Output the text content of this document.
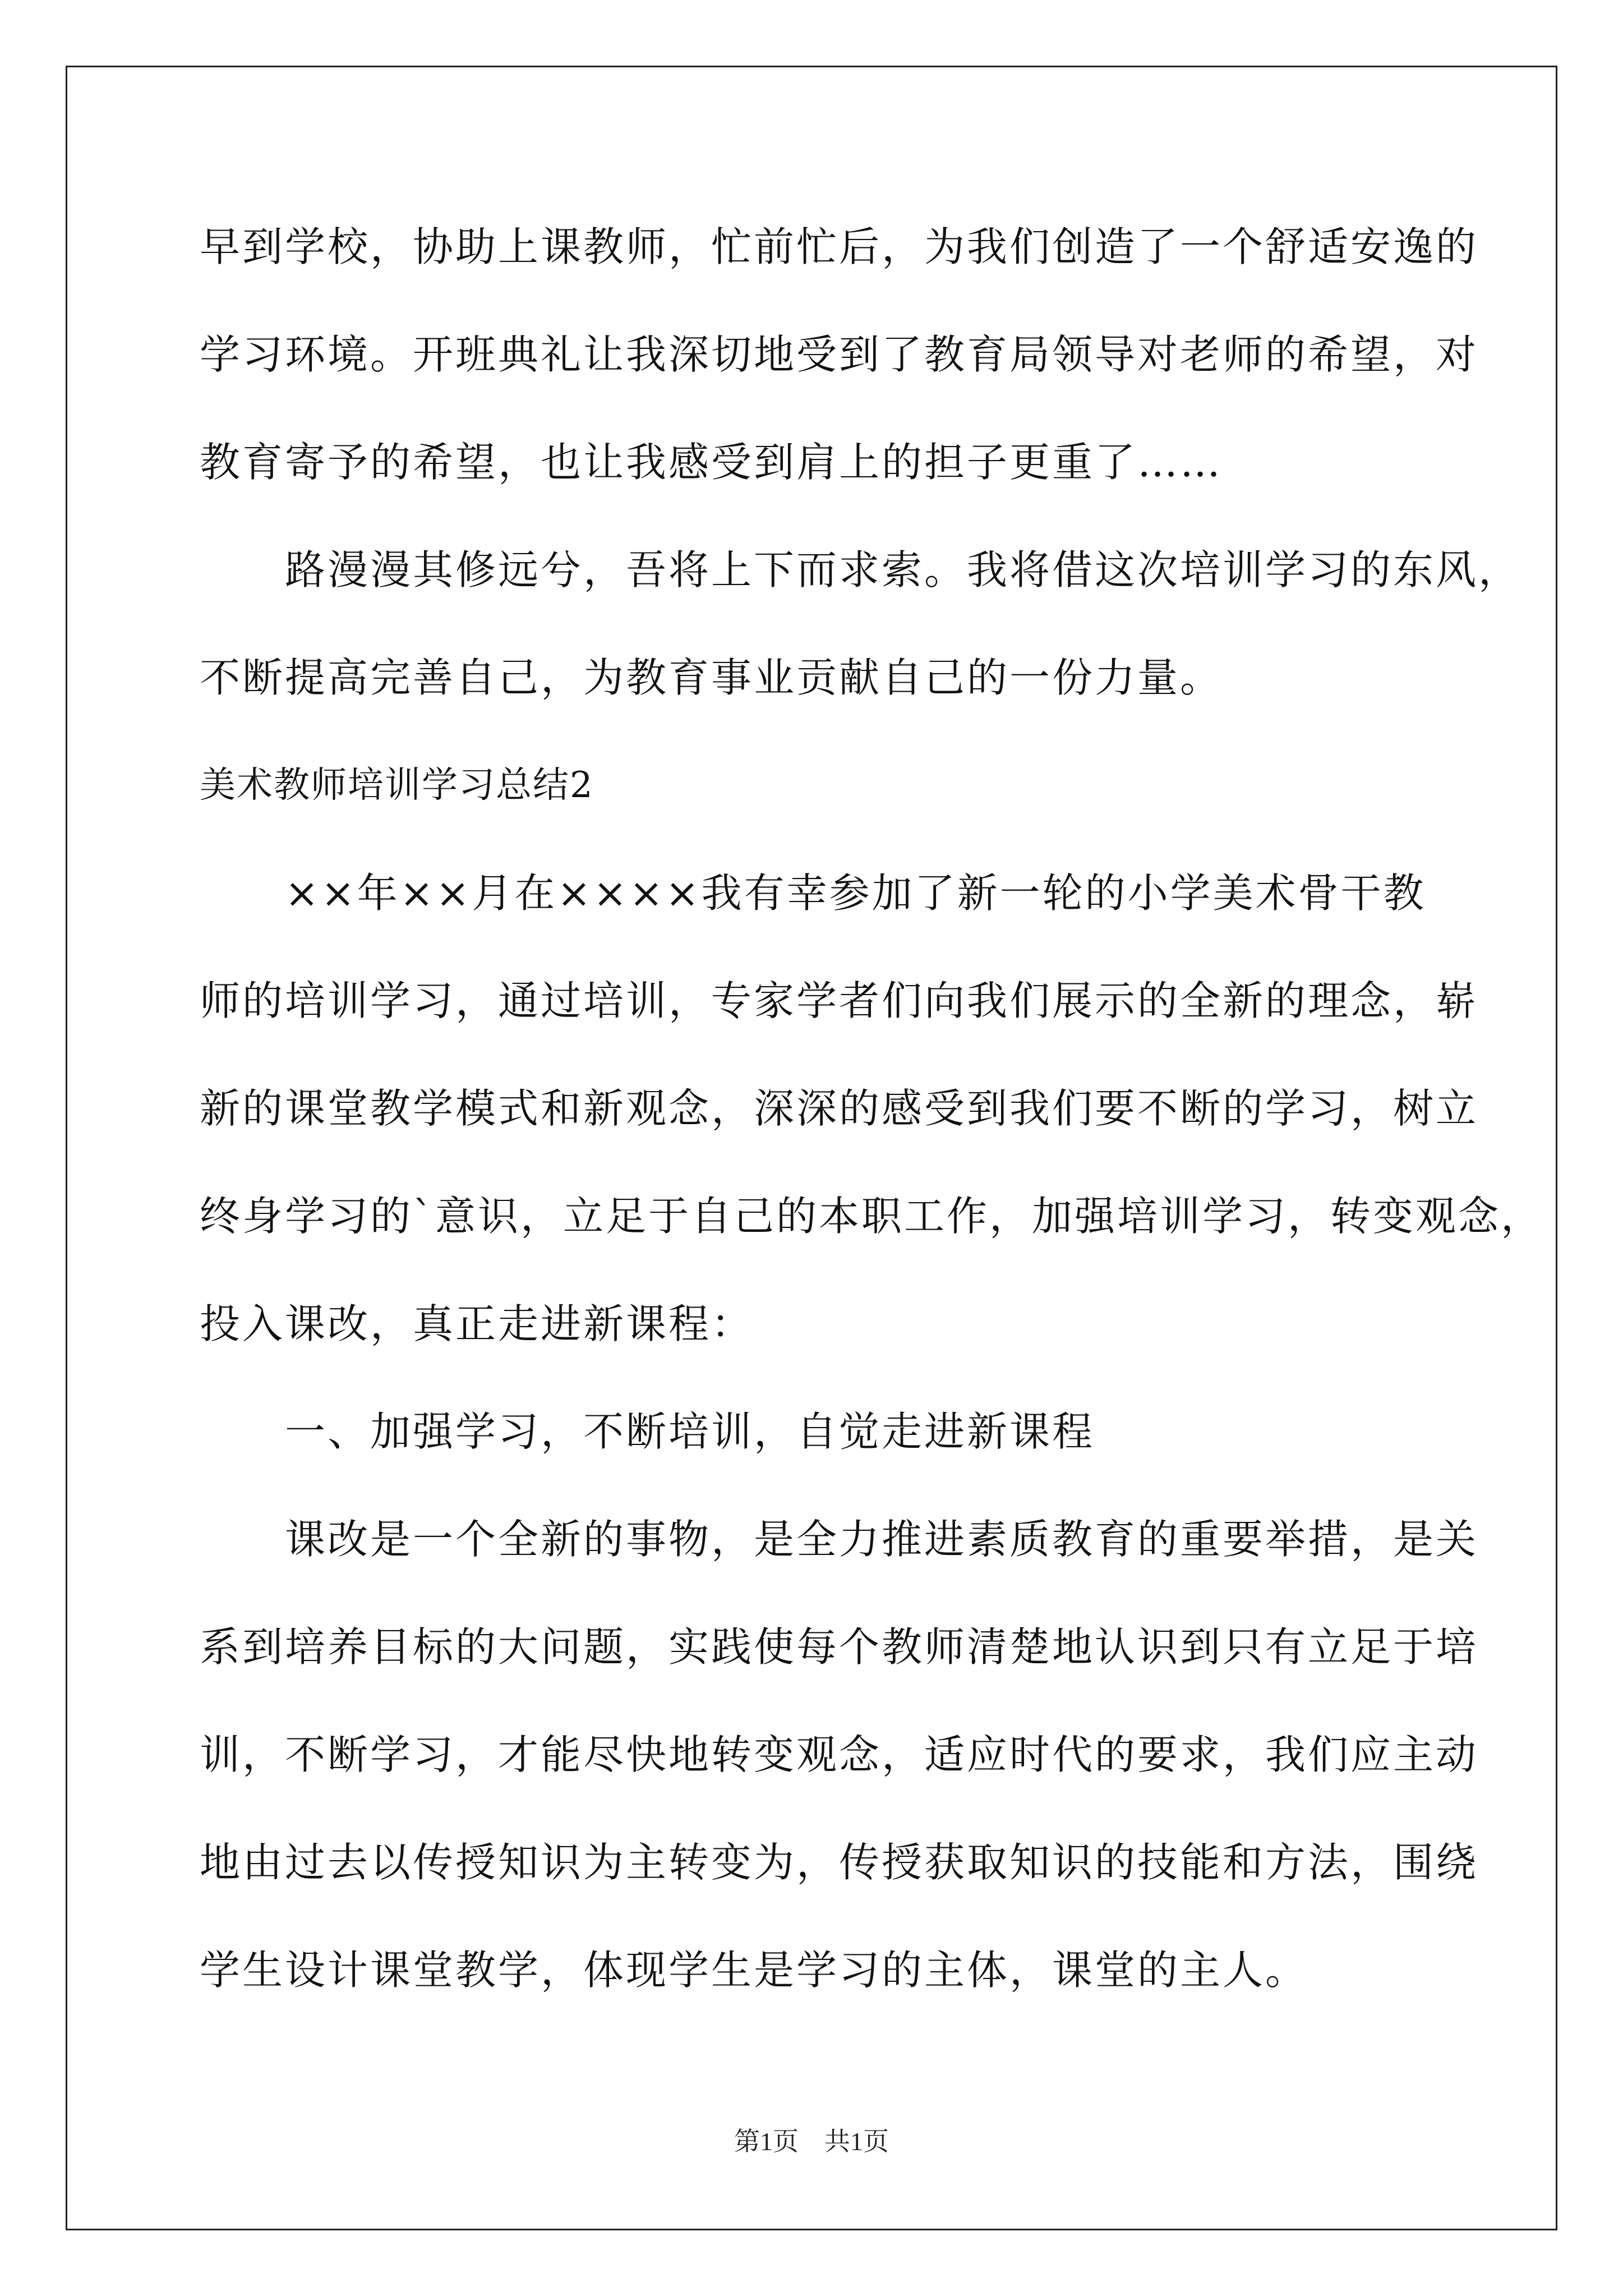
早到学校，协助上课教师，忙前忙后，为我们创造了一个舒适安逸的

学习环境。开班典礼让我深切地受到了教育局领导对老师的希望，对

教育寄予的希望，也让我感受到肩上的担子更重了……

　　路漫漫其修远兮，吾将上下而求索。我将借这次培训学习的东风，

不断提高完善自己，为教育事业贡献自己的一份力量。

美术教师培训学习总结2

　　××年××月在××××我有幸参加了新一轮的小学美术骨干教

师的培训学习，通过培训，专家学者们向我们展示的全新的理念，崭

新的课堂教学模式和新观念，深深的感受到我们要不断的学习，树立

终身学习的`意识，立足于自己的本职工作，加强培训学习，转变观念，

投入课改，真正走进新课程：

　　一、加强学习，不断培训，自觉走进新课程

　　课改是一个全新的事物，是全力推进素质教育的重要举措，是关

系到培养目标的大问题，实践使每个教师清楚地认识到只有立足于培

训，不断学习，才能尽快地转变观念，适应时代的要求，我们应主动

地由过去以传授知识为主转变为，传授获取知识的技能和方法，围绕

学生设计课堂教学，体现学生是学习的主体，课堂的主人。

第1页　共1页
